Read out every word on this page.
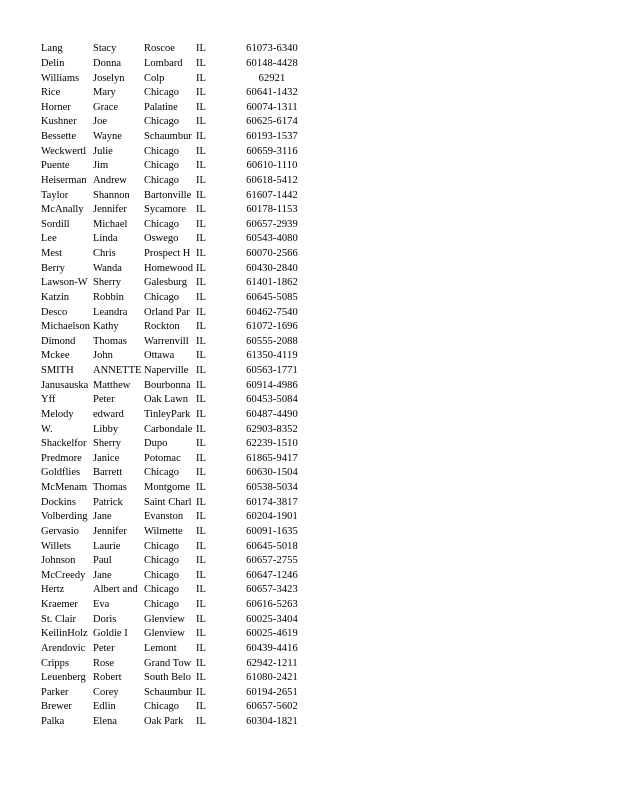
Lang	Stacy	Roscoe	IL	61073-6340
Delin	Donna	Lombard	IL	60148-4428
Williams	Joselyn	Colp	IL	62921
Rice	Mary	Chicago	IL	60641-1432
Horner	Grace	Palatine	IL	60074-1311
Kushner	Joe	Chicago	IL	60625-6174
Bessette	Wayne	Schaumbur	IL	60193-1537
Weckwertl	Julie	Chicago	IL	60659-3116
Puente	Jim	Chicago	IL	60610-1110
Heiserman	Andrew	Chicago	IL	60618-5412
Taylor	Shannon	Bartonville	IL	61607-1442
McAnally	Jennifer	Sycamore	IL	60178-1153
Sordill	Michael	Chicago	IL	60657-2939
Lee	Linda	Oswego	IL	60543-4080
Mest	Chris	Prospect H	IL	60070-2566
Berry	Wanda	Homewood	IL	60430-2840
Lawson-W	Sherry	Galesburg	IL	61401-1862
Katzin	Robbin	Chicago	IL	60645-5085
Desco	Leandra	Orland Par	IL	60462-7540
Michaelson	Kathy	Rockton	IL	61072-1696
Dimond	Thomas	Warrenvill	IL	60555-2088
Mckee	John	Ottawa	IL	61350-4119
SMITH	ANNETTE	Naperville	IL	60563-1771
Janusauska	Matthew	Bourbonna	IL	60914-4986
Yff	Peter	Oak Lawn	IL	60453-5084
Melody	edward	TinleyPark	IL	60487-4490
W.	Libby	Carbondale	IL	62903-8352
Shackelfor	Sherry	Dupo	IL	62239-1510
Predmore	Janice	Potomac	IL	61865-9417
Goldflies	Barrett	Chicago	IL	60630-1504
McMenam	Thomas	Montgome	IL	60538-5034
Dockins	Patrick	Saint Charl	IL	60174-3817
Volberding	Jane	Evanston	IL	60204-1901
Gervasio	Jennifer	Wilmette	IL	60091-1635
Willets	Laurie	Chicago	IL	60645-5018
Johnson	Paul	Chicago	IL	60657-2755
McCreedy	Jane	Chicago	IL	60647-1246
Hertz	Albert and	Chicago	IL	60657-3423
Kraemer	Eva	Chicago	IL	60616-5263
St. Clair	Doris	Glenview	IL	60025-3404
KeilinHolz	Goldie I	Glenview	IL	60025-4619
Arendovic	Peter	Lemont	IL	60439-4416
Cripps	Rose	Grand Tow	IL	62942-1211
Leuenberg	Robert	South Belo	IL	61080-2421
Parker	Corey	Schaumbur	IL	60194-2651
Brewer	Edlin	Chicago	IL	60657-5602
Palka	Elena	Oak Park	IL	60304-1821
